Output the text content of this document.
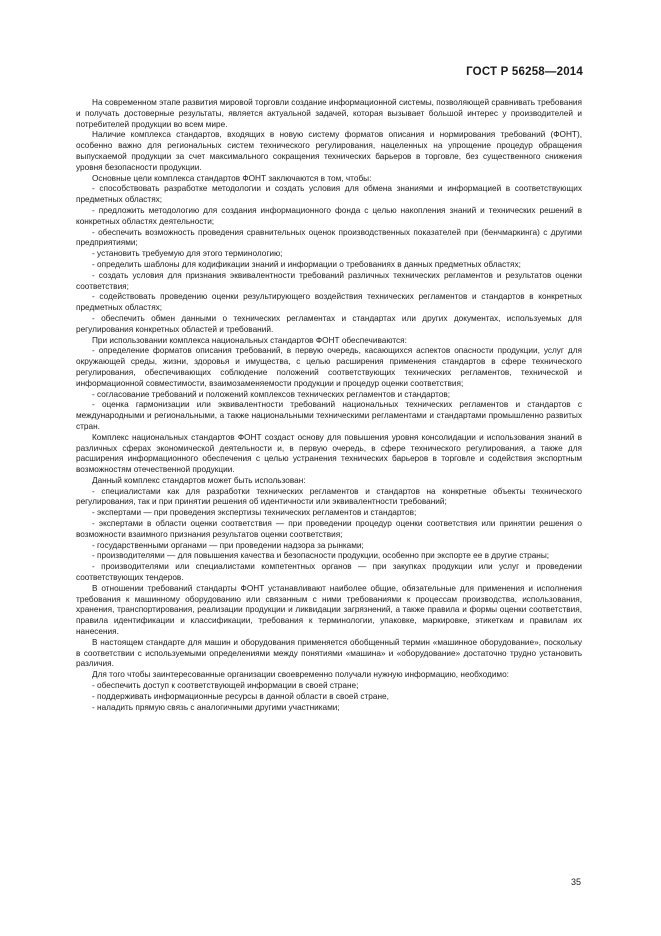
ГОСТ Р 56258—2014

На современном этапе развития мировой торговли создание информационной системы, позволяющей сравнивать требования и получать достоверные результаты, является актуальной задачей, которая вызывает большой интерес у производителей и потребителей продукции во всем мире.

Наличие комплекса стандартов, входящих в новую систему форматов описания и нормирования требований (ФОНТ), особенно важно для региональных систем технического регулирования, нацеленных на упрощение процедур обращения выпускаемой продукции за счет максимального сокращения технических барьеров в торговле, без существенного снижения уровня безопасности продукции.

Основные цели комплекса стандартов ФОНТ заключаются в том, чтобы:

- способствовать разработке методологии и создать условия для обмена знаниями и информацией в соответствующих предметных областях;

- предложить методологию для создания информационного фонда с целью накопления знаний и технических решений в конкретных областях деятельности;

- обеспечить возможность проведения сравнительных оценок производственных показателей при (бенчмаркинга) с другими предприятиями;

- установить требуемую для этого терминологию;

- определить шаблоны для кодификации знаний и информации о требованиях в данных предметных областях;

- создать условия для признания эквивалентности требований различных технических регламентов и результатов оценки соответствия;

- содействовать проведению оценки результирующего воздействия технических регламентов и стандартов в конкретных предметных областях;

- обеспечить обмен данными о технических регламентах и стандартах или других документах, используемых для регулирования конкретных областей и требований.

При использовании комплекса национальных стандартов ФОНТ обеспечиваются:

- определение форматов описания требований, в первую очередь, касающихся аспектов опасности продукции, услуг для окружающей среды, жизни, здоровья и имущества, с целью расширения применения стандартов в сфере технического регулирования, обеспечивающих соблюдение положений соответствующих технических регламентов, технической и информационной совместимости, взаимозаменяемости продукции и процедур оценки соответствия;

- согласование требований и положений комплексов технических регламентов и стандартов;

- оценка гармонизации или эквивалентности требований национальных технических регламентов и стандартов с международными и региональными, а также национальными техническими регламентами и стандартами промышленно развитых стран.

Комплекс национальных стандартов ФОНТ создаст основу для повышения уровня консолидации и использования знаний в различных сферах экономической деятельности и, в первую очередь, в сфере технического регулирования, а также для расширения информационного обеспечения с целью устранения технических барьеров в торговле и содействия экспортным возможностям отечественной продукции.

Данный комплекс стандартов может быть использован:

- специалистами как для разработки технических регламентов и стандартов на конкретные объекты технического регулирования, так и при принятии решения об идентичности или эквивалентности требований;

- экспертами — при проведения экспертизы технических регламентов и стандартов;

- экспертами в области оценки соответствия — при проведении процедур оценки соответствия или принятии решения о возможности взаимного признания результатов оценки соответствия;

- государственными органами — при проведении надзора за рынками;

- производителями — для повышения качества и безопасности продукции, особенно при экспорте ее в другие страны;

- производителями или специалистами компетентных органов — при закупках продукции или услуг и проведении соответствующих тендеров.

В отношении требований стандарты ФОНТ устанавливают наиболее общие, обязательные для применения и исполнения требования к машинному оборудованию или связанным с ними требованиями к процессам производства, использования, хранения, транспортирования, реализации продукции и ликвидации загрязнений, а также правила и формы оценки соответствия, правила идентификации и классификации, требования к терминологии, упаковке, маркировке, этикеткам и правилам их нанесения.

В настоящем стандарте для машин и оборудования применяется обобщенный термин «машинное оборудование», поскольку в соответствии с используемыми определениями между понятиями «машина» и «оборудование» достаточно трудно установить различия.

Для того чтобы заинтересованные организации своевременно получали нужную информацию, необходимо:

- обеспечить доступ к соответствующей информации в своей стране;

- поддерживать информационные ресурсы в данной области в своей стране,

- наладить прямую связь с аналогичными другими участниками;

35
